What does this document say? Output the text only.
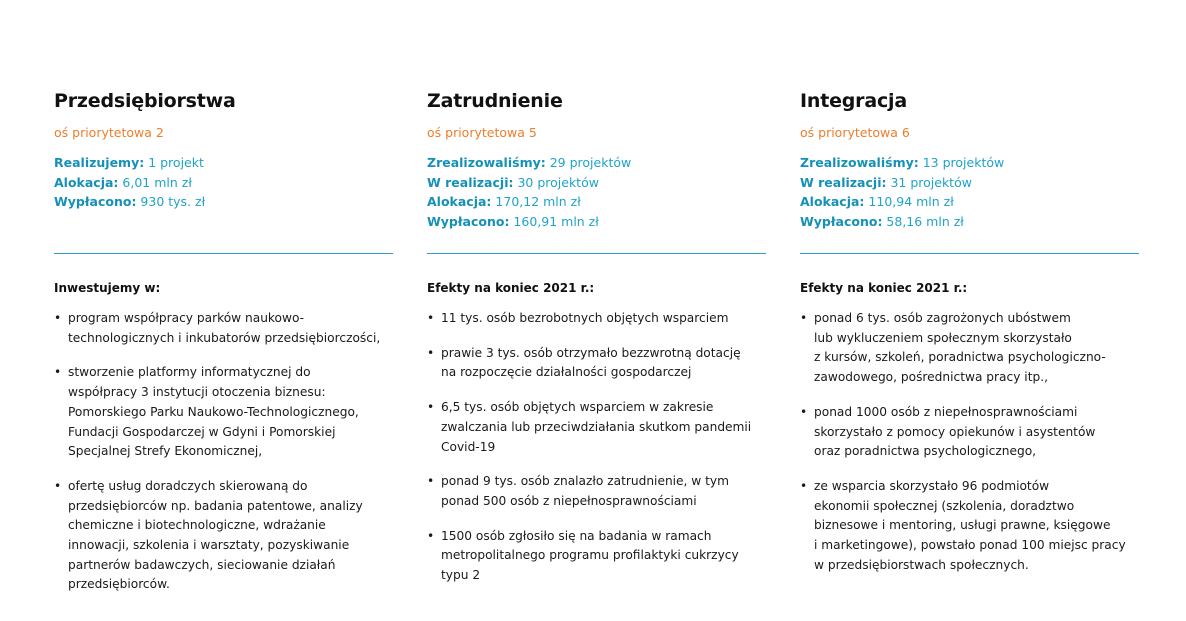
Przedsiębiorstwa
oś priorytetowa 2
Realizujemy: 1 projekt
Alokacja: 6,01 mln zł
Wypłacono: 930 tys. zł
Zatrudnienie
oś priorytetowa 5
Zrealizowaliśmy: 29 projektów
W realizacji: 30 projektów
Alokacja: 170,12 mln zł
Wypłacono: 160,91 mln zł
Integracja
oś priorytetowa 6
Zrealizowaliśmy: 13 projektów
W realizacji: 31 projektów
Alokacja: 110,94 mln zł
Wypłacono: 58,16 mln zł
Inwestujemy w:
• program współpracy parków naukowo-
technologicznych i inkubatorów przedsiębiorczości,
• stworzenie platformy informatycznej do
współpracy 3 instytucji otoczenia biznesu:
Pomorskiego Parku Naukowo-Technologicznego,
Fundacji Gospodarczej w Gdyni i Pomorskiej
Specjalnej Strefy Ekonomicznej,
• ofertę usług doradczych skierowaną do
przedsiębiorców np. badania patentowe, analizy
chemiczne i biotechnologiczne, wdrażanie
innowacji, szkolenia i warsztaty, pozyskiwanie
partnerów badawczych, sieciowanie działań
przedsiębiorców.
Efekty na koniec 2021 r.:
• 11 tys. osób bezrobotnych objętych wsparciem
• prawie 3 tys. osób otrzymało bezzwrotną dotację
na rozpoczęcie działalności gospodarczej
• 6,5 tys. osób objętych wsparciem w zakresie
zwalczania lub przeciwdziałania skutkom pandemii
Covid-19
• ponad 9 tys. osób znalazło zatrudnienie, w tym
ponad 500 osób z niepełnosprawnościami
• 1500 osób zgłosiło się na badania w ramach
metropolitalnego programu profilaktyki cukrzycy
typu 2
Efekty na koniec 2021 r.:
• ponad 6 tys. osób zagrożonych ubóstwem
lub wykluczeniem społecznym skorzystało
z kursów, szkoleń, poradnictwa psychologiczno-
zawodowego, pośrednictwa pracy itp.,
• ponad 1000 osób z niepełnosprawnościami
skorzystało z pomocy opiekunów i asystentów
oraz poradnictwa psychologicznego,
• ze wsparcia skorzystało 96 podmiotów
ekonomii społecznej (szkolenia, doradztwo
biznesowe i mentoring, usługi prawne, księgowe
i marketingowe), powstało ponad 100 miejsc pracy
w przedsiębiorstwach społecznych.
